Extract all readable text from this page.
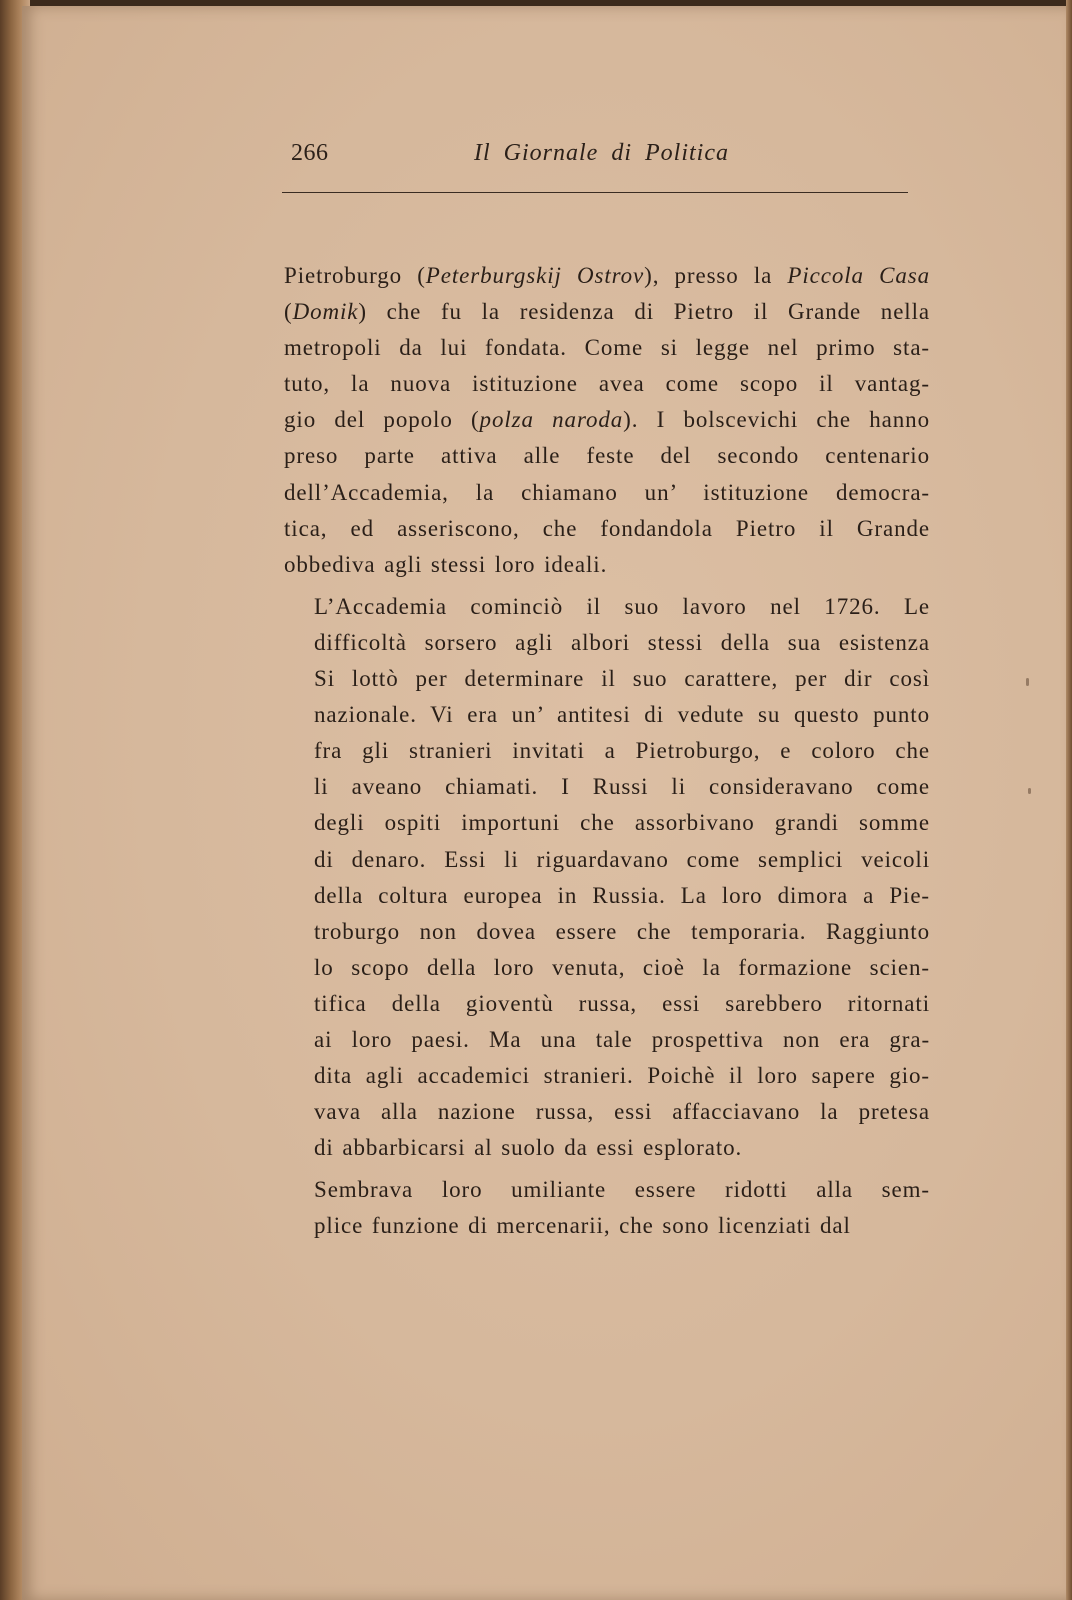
266	Il Giornale di Politica

Pietroburgo (Peterburgskij Ostrov), presso la Piccola Casa
(Domik) che fu la residenza di Pietro il Grande nella
metropoli da lui fondata. Come si legge nel primo sta-
tuto, la nuova istituzione avea come scopo il vantag-
gio del popolo (polza naroda). I bolscevichi che hanno
preso parte attiva alle feste del secondo centenario
dell’Accademia, la chiamano un’ istituzione democra-
tica, ed asseriscono, che fondandola Pietro il Grande
obbediva agli stessi loro ideali.

L’Accademia cominciò il suo lavoro nel 1726. Le
difficoltà sorsero agli albori stessi della sua esistenza
Si lottò per determinare il suo carattere, per dir così
nazionale. Vi era un’ antitesi di vedute su questo punto
fra gli stranieri invitati a Pietroburgo, e coloro che
li aveano chiamati. I Russi li consideravano come
degli ospiti importuni che assorbivano grandi somme
di denaro. Essi li riguardavano come semplici veicoli
della coltura europea in Russia. La loro dimora a Pie-
troburgo non dovea essere che temporaria. Raggiunto
lo scopo della loro venuta, cioè la formazione scien-
tifica della gioventù russa, essi sarebbero ritornati
ai loro paesi. Ma una tale prospettiva non era gra-
dita agli accademici stranieri. Poichè il loro sapere gio-
vava alla nazione russa, essi affacciavano la pretesa
di abbarbicarsi al suolo da essi esplorato.

Sembrava loro umiliante essere ridotti alla sem-
plice funzione di mercenarii, che sono licenziati dal
